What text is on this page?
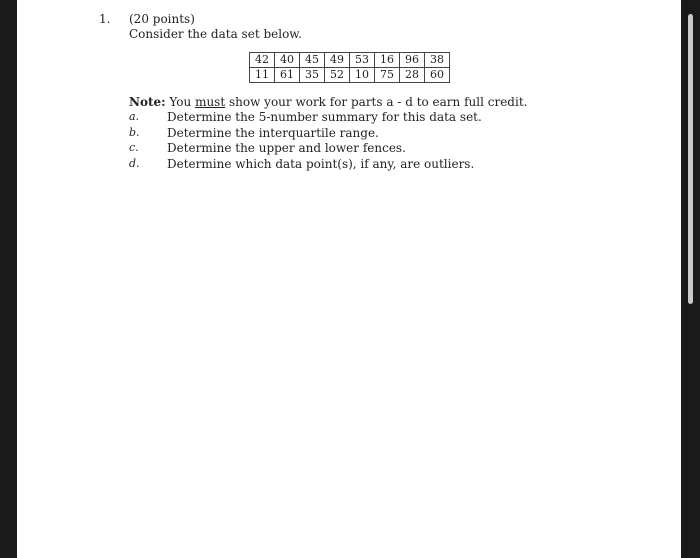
1. (20 points)
Consider the data set below.
42	40	45	49	53	16	96	38
11	61	35	52	10	75	28	60
Note: You must show your work for parts a - d to earn full credit.
a. Determine the 5-number summary for this data set.
b. Determine the interquartile range.
c. Determine the upper and lower fences.
d. Determine which data point(s), if any, are outliers.
